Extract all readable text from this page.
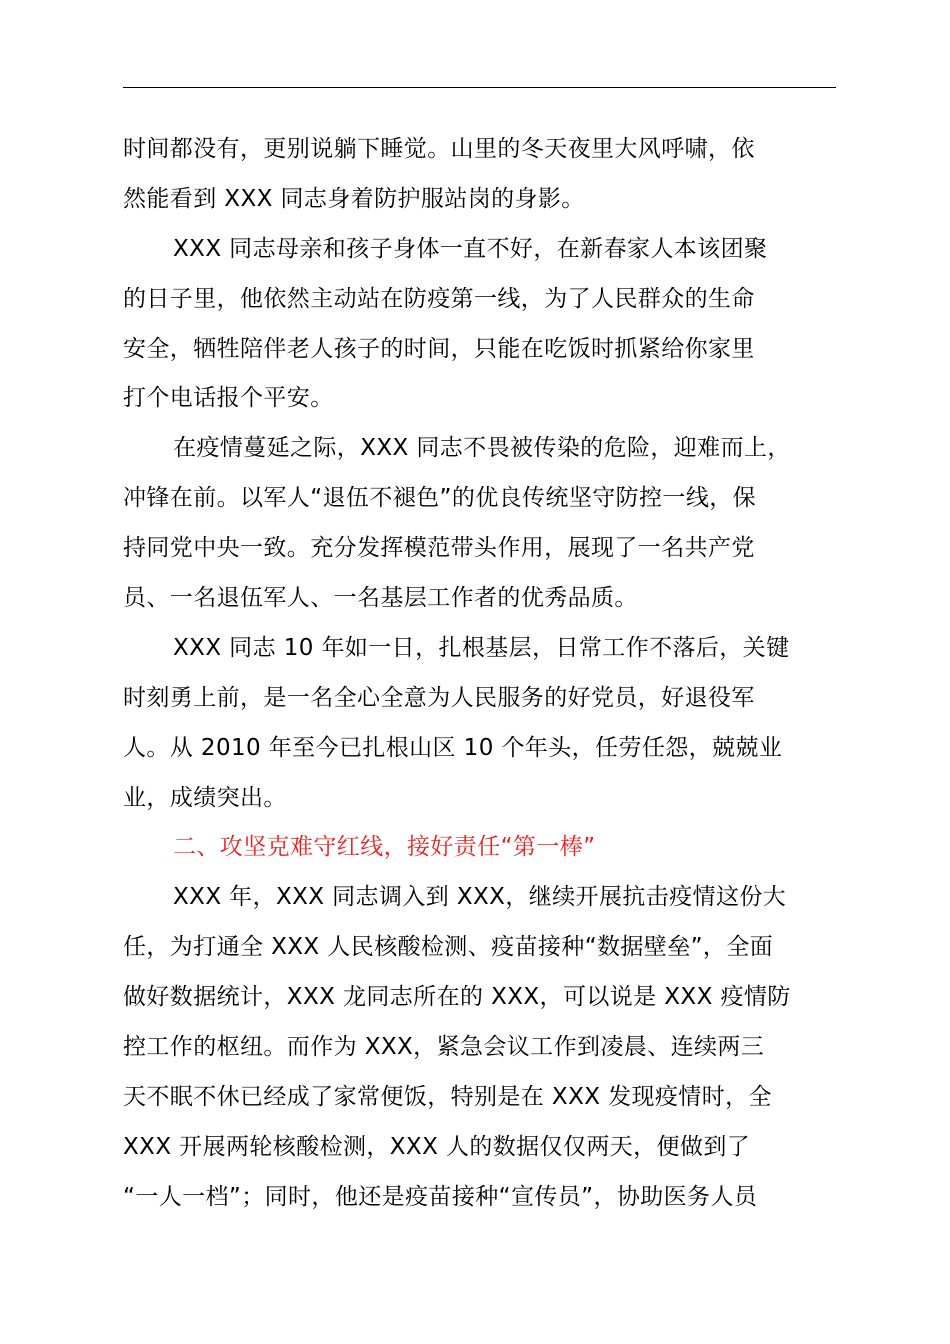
时间都没有，更别说躺下睡觉。山里的冬天夜里大风呼啸，依
然能看到 XXX 同志身着防护服站岗的身影。
XXX 同志母亲和孩子身体一直不好，在新春家人本该团聚
的日子里，他依然主动站在防疫第一线，为了人民群众的生命
安全，牺牲陪伴老人孩子的时间，只能在吃饭时抓紧给你家里
打个电话报个平安。
在疫情蔓延之际，XXX 同志不畏被传染的危险，迎难而上，
冲锋在前。以军人“退伍不褪色”的优良传统坚守防控一线，保
持同党中央一致。充分发挥模范带头作用，展现了一名共产党
员、一名退伍军人、一名基层工作者的优秀品质。
XXX 同志 10 年如一日，扎根基层，日常工作不落后，关键
时刻勇上前，是一名全心全意为人民服务的好党员，好退役军
人。从 2010 年至今已扎根山区 10 个年头，任劳任怨，兢兢业
业，成绩突出。
二、攻坚克难守红线，接好责任“第一棒”
XXX 年，XXX 同志调入到 XXX，继续开展抗击疫情这份大
任，为打通全 XXX 人民核酸检测、疫苗接种“数据壁垒”，全面
做好数据统计，XXX 龙同志所在的 XXX，可以说是 XXX 疫情防
控工作的枢纽。而作为 XXX，紧急会议工作到凌晨、连续两三
天不眠不休已经成了家常便饭，特别是在 XXX 发现疫情时，全
XXX 开展两轮核酸检测，XXX 人的数据仅仅两天，便做到了
“一人一档”；同时，他还是疫苗接种“宣传员”，协助医务人员
